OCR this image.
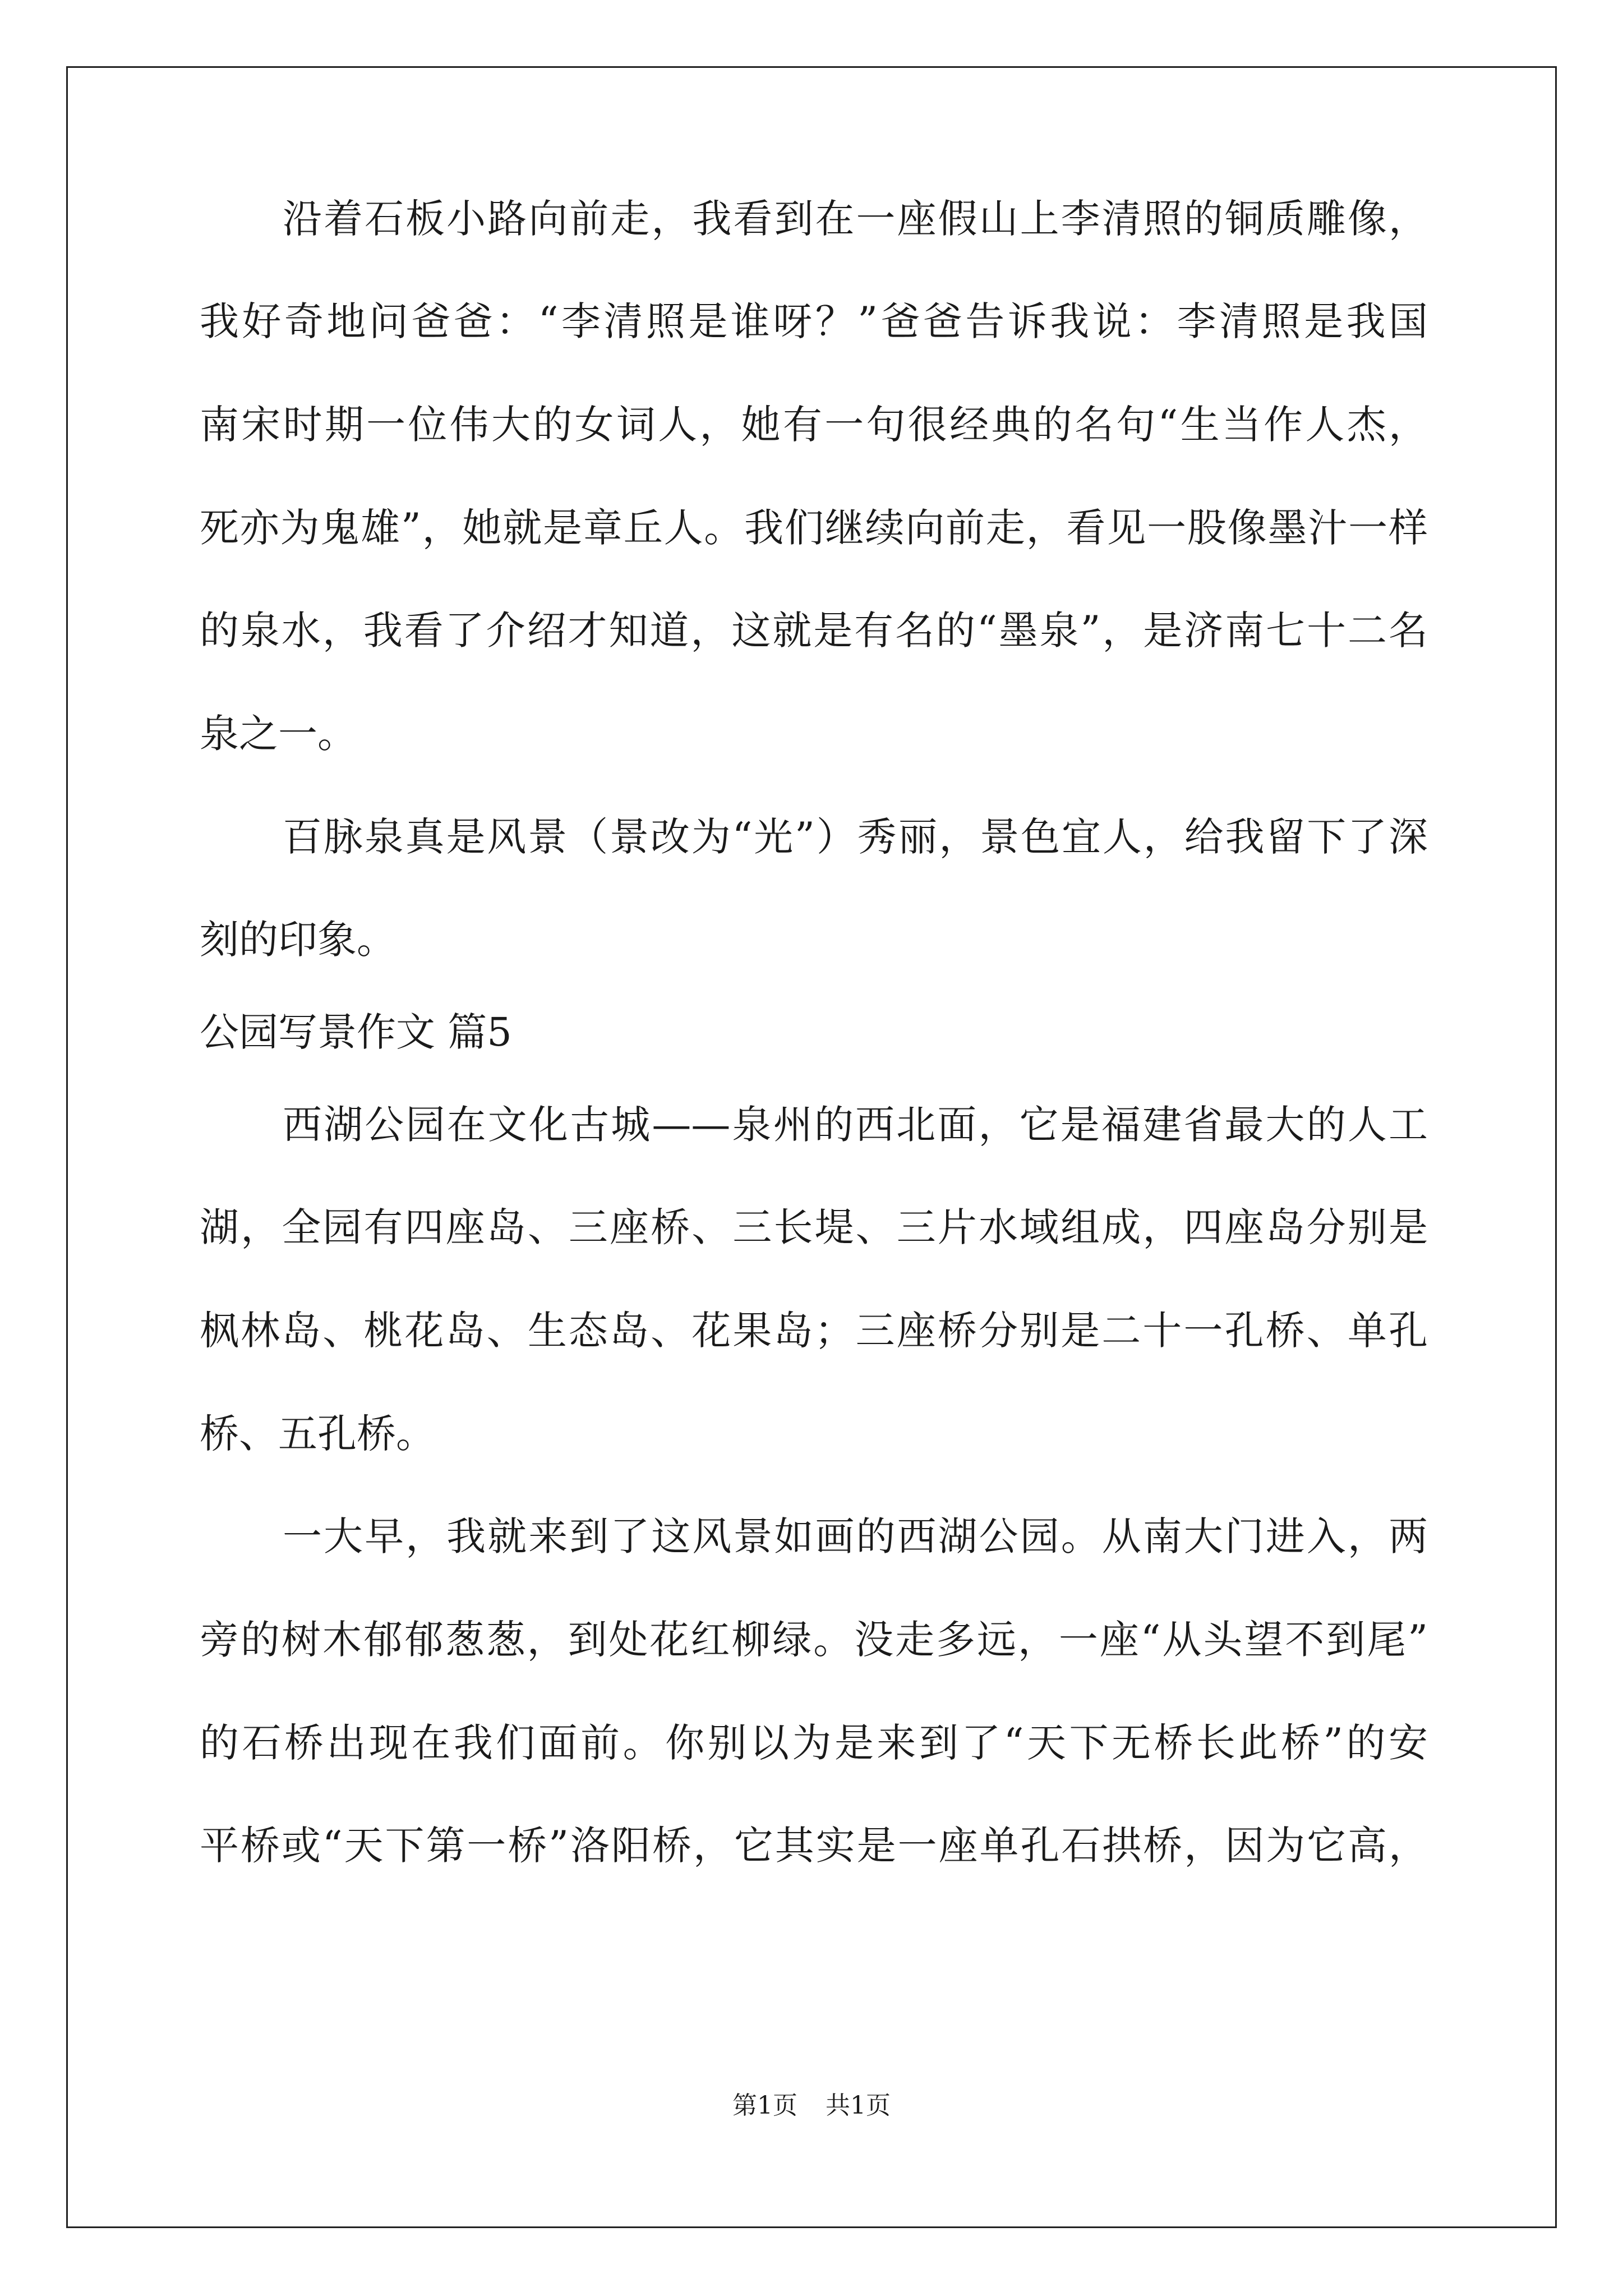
沿着石板小路向前走，我看到在一座假山上李清照的铜质雕像，
我好奇地问爸爸：“李清照是谁呀？”爸爸告诉我说：李清照是我国
南宋时期一位伟大的女词人，她有一句很经典的名句“生当作人杰，
死亦为鬼雄”，她就是章丘人。我们继续向前走，看见一股像墨汁一样
的泉水，我看了介绍才知道，这就是有名的“墨泉”，是济南七十二名
泉之一。
百脉泉真是风景（景改为“光”）秀丽，景色宜人，给我留下了深
刻的印象。
公园写景作文 篇5
西湖公园在文化古城——泉州的西北面，它是福建省最大的人工
湖，全园有四座岛、三座桥、三长堤、三片水域组成，四座岛分别是
枫林岛、桃花岛、生态岛、花果岛；三座桥分别是二十一孔桥、单孔
桥、五孔桥。
一大早，我就来到了这风景如画的西湖公园。从南大门进入，两
旁的树木郁郁葱葱，到处花红柳绿。没走多远，一座“从头望不到尾”
的石桥出现在我们面前。你别以为是来到了“天下无桥长此桥”的安
平桥或“天下第一桥”洛阳桥，它其实是一座单孔石拱桥，因为它高，
第1页 共1页
